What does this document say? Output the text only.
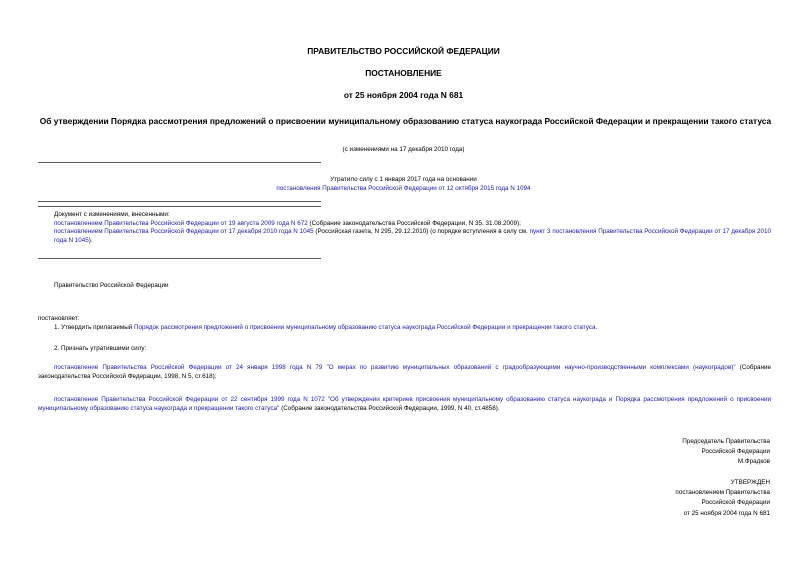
ПРАВИТЕЛЬСТВО РОССИЙСКОЙ ФЕДЕРАЦИИ
ПОСТАНОВЛЕНИЕ
от 25 ноября 2004 года N 681
Об утверждении Порядка рассмотрения предложений о присвоении муниципальному образованию статуса наукограда Российской Федерации и прекращении такого статуса
(с изменениями на 17 декабря 2010 года)
Утратило силу с 1 января 2017 года на основании
постановления Правительства Российской Федерации от 12 октября 2015 года N 1094
Документ с изменениями, внесенными:
постановлением Правительства Российской Федерации от 19 августа 2009 года N 672 (Собрание законодательства Российской Федерации, N 35, 31.08.2009);
постановлением Правительства Российской Федерации от 17 декабря 2010 года N 1045 (Российская газета, N 295, 29.12.2010) (о порядке вступления в силу см. пункт 3 постановления Правительства Российской Федерации от 17 декабря 2010 года N 1045).
Правительство Российской Федерации
постановляет:
1. Утвердить прилагаемый Порядок рассмотрения предложений о присвоении муниципальному образованию статуса наукограда Российской Федерации и прекращении такого статуса.
2. Признать утратившими силу:
постановление Правительства Российской Федерации от 24 января 1998 года N 79 "О мерах по развитию муниципальных образований с градообразующими научно-производственными комплексами (наукоградов)" (Собрание законодательства Российской Федерации, 1998, N 5, ст.618);
постановление Правительства Российской Федерации от 22 сентября 1999 года N 1072 "Об утверждении критериев присвоения муниципальному образованию статуса наукограда и Порядка рассмотрения предложений о присвоении муниципальному образованию статуса наукограда и прекращении такого статуса" (Собрание законодательства Российской Федерации, 1999, N 40, ст.4858).
Председатель Правительства
Российской Федерации
М.Фрадков
УТВЕРЖДЕН
постановлением Правительства
Российской Федерации
от 25 ноября 2004 года N 681
